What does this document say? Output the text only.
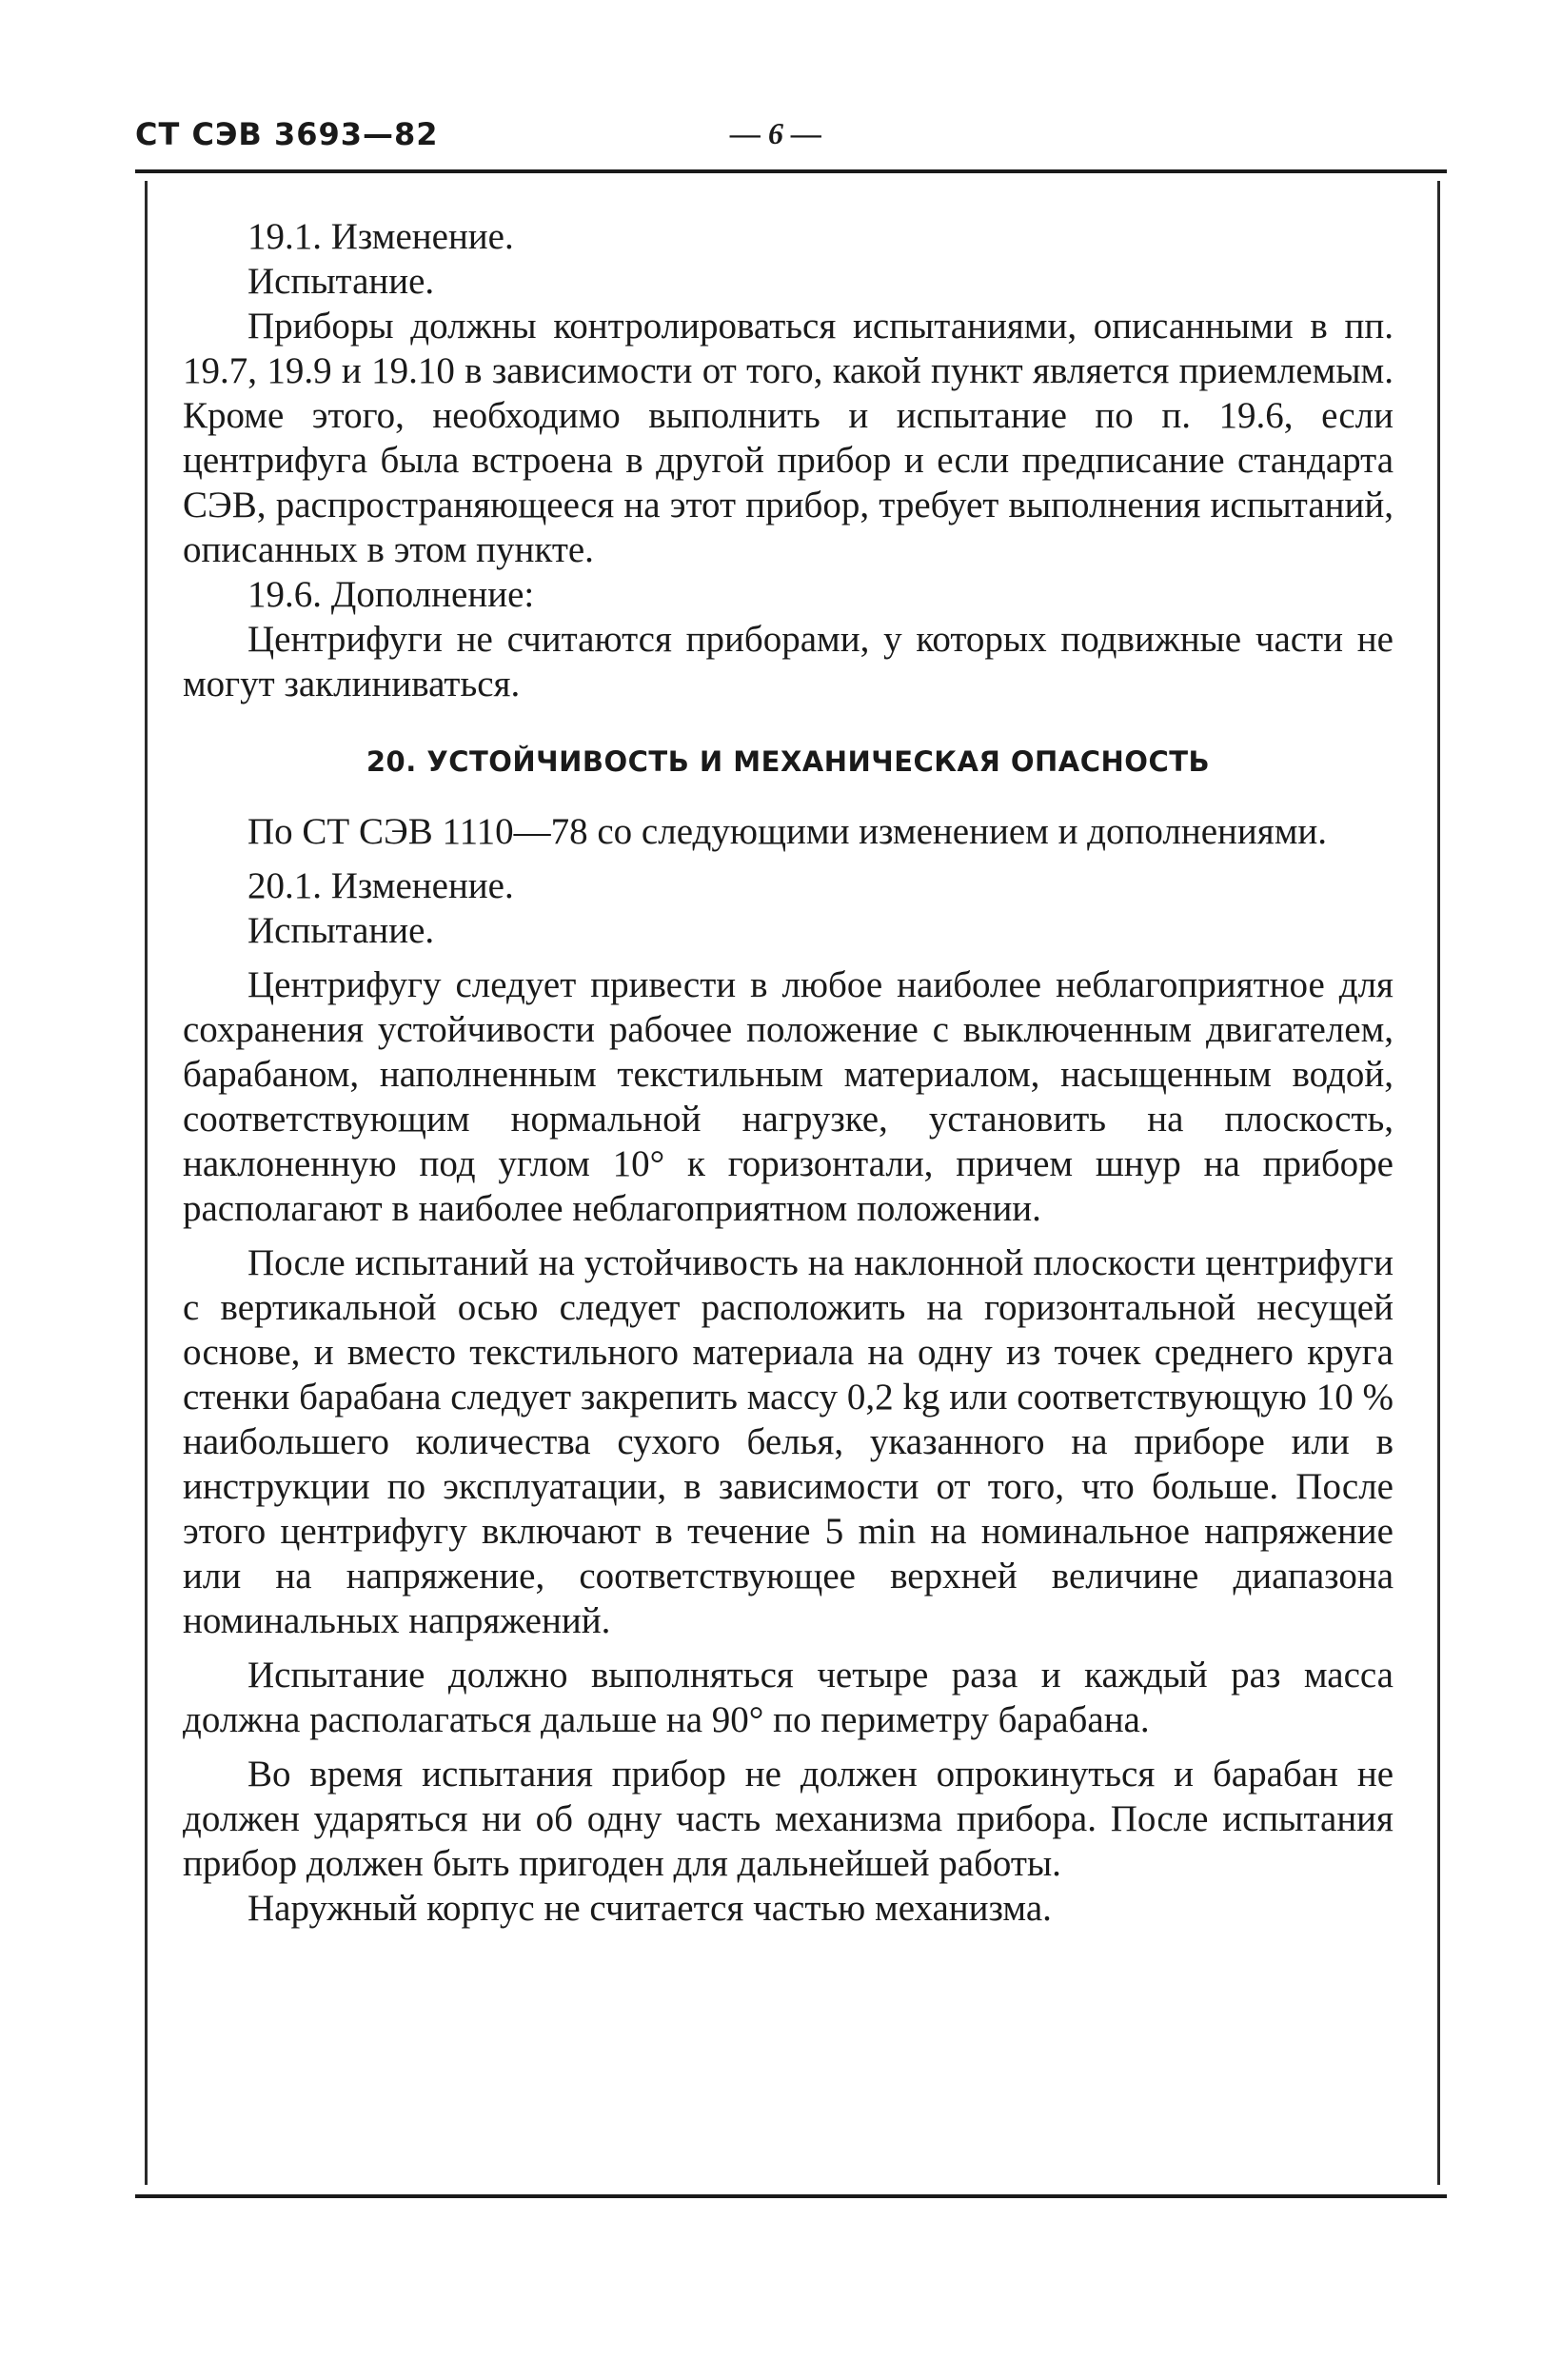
СТ СЭВ 3693—82	— 6 —

19.1. Изменение.

Испытание.

Приборы должны контролироваться испытаниями, описанными в пп. 19.7, 19.9 и 19.10 в зависимости от того, какой пункт является приемлемым. Кроме этого, необходимо выполнить и испытание по п. 19.6, если центрифуга была встроена в другой прибор и если предписание стандарта СЭВ, распространяющееся на этот прибор, требует выполнения испытаний, описанных в этом пункте.

19.6. Дополнение:

Центрифуги не считаются приборами, у которых подвижные части не могут заклиниваться.

20. УСТОЙЧИВОСТЬ И МЕХАНИЧЕСКАЯ ОПАСНОСТЬ

По СТ СЭВ 1110—78 со следующими изменением и дополнениями.

20.1. Изменение.

Испытание.

Центрифугу следует привести в любое наиболее неблагоприятное для сохранения устойчивости рабочее положение с выключенным двигателем, барабаном, наполненным текстильным материалом, насыщенным водой, соответствующим нормальной нагрузке, установить на плоскость, наклоненную под углом 10° к горизонтали, причем шнур на приборе располагают в наиболее неблагоприятном положении.

После испытаний на устойчивость на наклонной плоскости центрифуги с вертикальной осью следует расположить на горизонтальной несущей основе, и вместо текстильного материала на одну из точек среднего круга стенки барабана следует закрепить массу 0,2 kg или соответствующую 10 % наибольшего количества сухого белья, указанного на приборе или в инструкции по эксплуатации, в зависимости от того, что больше. После этого центрифугу включают в течение 5 min на номинальное напряжение или на напряжение, соответствующее верхней величине диапазона номинальных напряжений.

Испытание должно выполняться четыре раза и каждый раз масса должна располагаться дальше на 90° по периметру барабана.

Во время испытания прибор не должен опрокинуться и барабан не должен ударяться ни об одну часть механизма прибора. После испытания прибор должен быть пригоден для дальнейшей работы.

Наружный корпус не считается частью механизма.
